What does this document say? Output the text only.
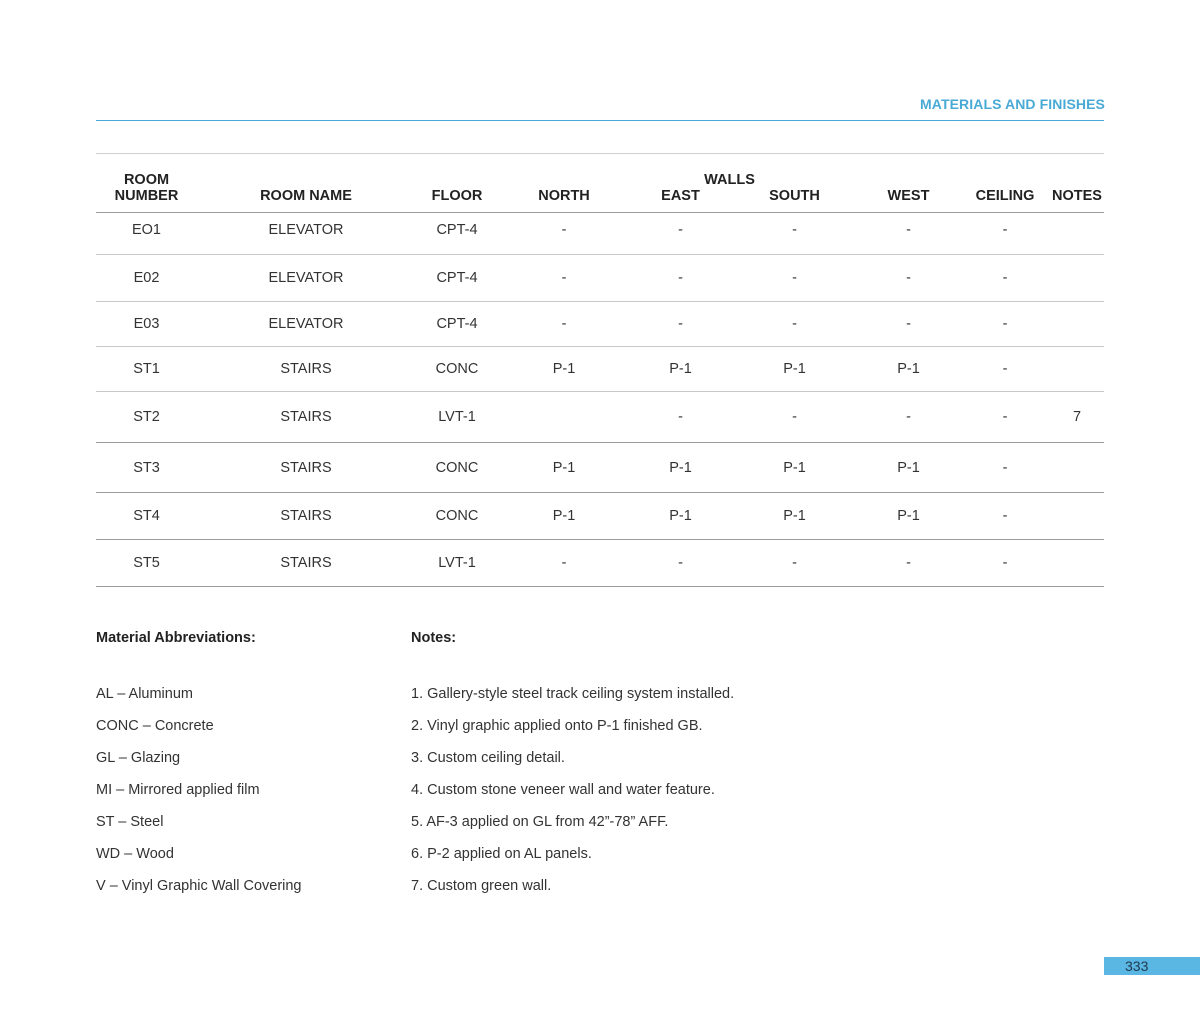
MATERIALS AND FINISHES
ROOM			WALLS					
NUMBER	ROOM NAME	FLOOR	NORTH	EAST	SOUTH	WEST	CEILING	NOTES
EO1	ELEVATOR	CPT-4	-	-	-	-	-	
E02	ELEVATOR	CPT-4	-	-	-	-	-	
E03	ELEVATOR	CPT-4	-	-	-	-	-	
ST1	STAIRS	CONC	P-1	P-1	P-1	P-1	-	
ST2	STAIRS	LVT-1		-	-	-	-	7
ST3	STAIRS	CONC	P-1	P-1	P-1	P-1	-	
ST4	STAIRS	CONC	P-1	P-1	P-1	P-1	-	
ST5	STAIRS	LVT-1	-	-	-	-	-	
Material Abbreviations:
AL – Aluminum
CONC – Concrete
GL – Glazing
MI – Mirrored applied film
ST – Steel
WD – Wood
V – Vinyl Graphic Wall Covering
Notes:
1. Gallery-style steel track ceiling system installed.
2. Vinyl graphic applied onto P-1 finished GB.
3. Custom ceiling detail.
4. Custom stone veneer wall and water feature.
5. AF-3 applied on GL from 42”-78” AFF.
6. P-2 applied on AL panels.
7. Custom green wall.
333
